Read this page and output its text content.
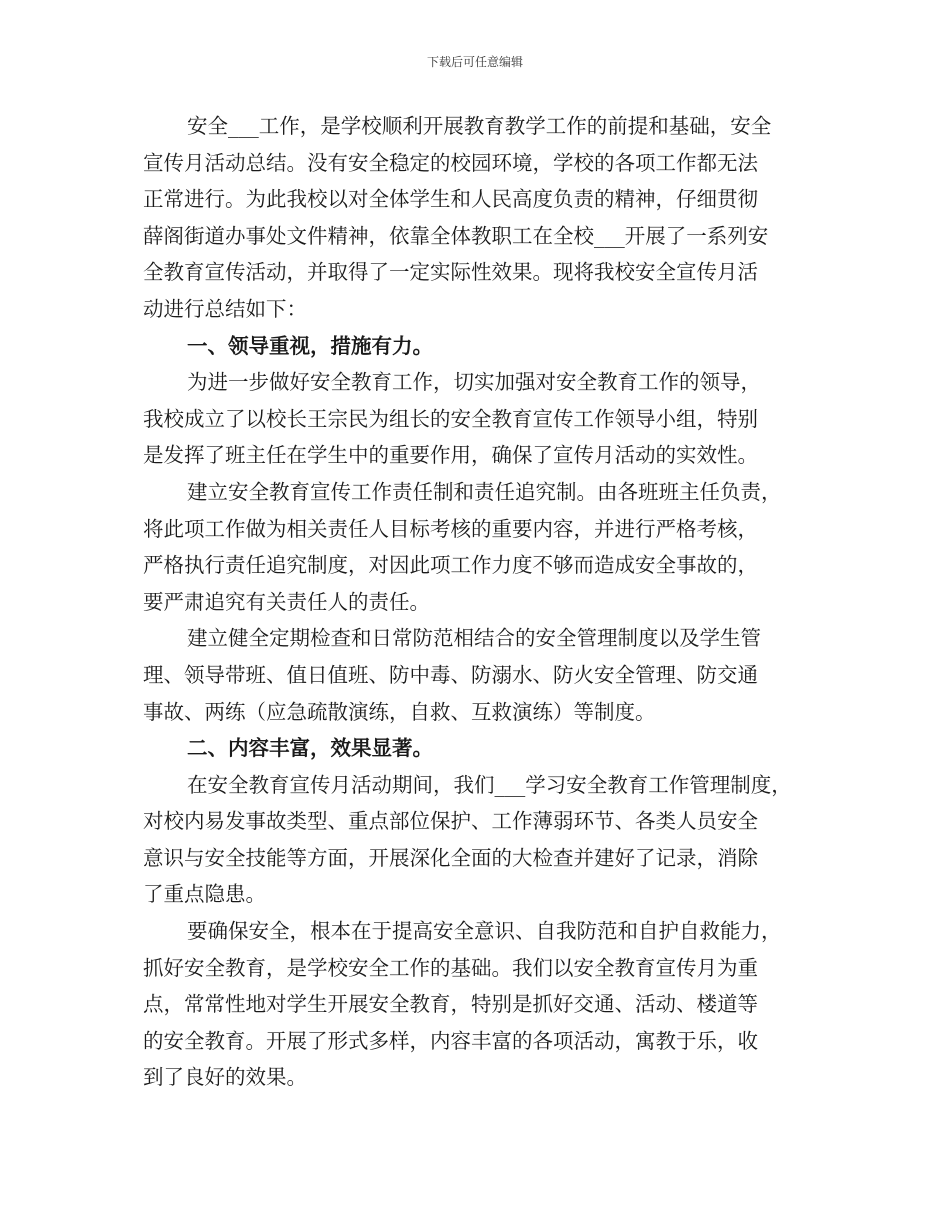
下载后可任意编辑
安全___工作，是学校顺利开展教育教学工作的前提和基础，安全
宣传月活动总结。没有安全稳定的校园环境，学校的各项工作都无法
正常进行。为此我校以对全体学生和人民高度负责的精神，仔细贯彻
薛阁街道办事处文件精神，依靠全体教职工在全校___开展了一系列安
全教育宣传活动，并取得了一定实际性效果。现将我校安全宣传月活
动进行总结如下：
一、领导重视，措施有力。
为进一步做好安全教育工作，切实加强对安全教育工作的领导，
我校成立了以校长王宗民为组长的安全教育宣传工作领导小组，特别
是发挥了班主任在学生中的重要作用，确保了宣传月活动的实效性。
建立安全教育宣传工作责任制和责任追究制。由各班班主任负责，
将此项工作做为相关责任人目标考核的重要内容，并进行严格考核，
严格执行责任追究制度，对因此项工作力度不够而造成安全事故的，
要严肃追究有关责任人的责任。
建立健全定期检查和日常防范相结合的安全管理制度以及学生管
理、领导带班、值日值班、防中毒、防溺水、防火安全管理、防交通
事故、两练（应急疏散演练，自救、互救演练）等制度。
二、内容丰富，效果显著。
在安全教育宣传月活动期间，我们___学习安全教育工作管理制度，
对校内易发事故类型、重点部位保护、工作薄弱环节、各类人员安全
意识与安全技能等方面，开展深化全面的大检查并建好了记录，消除
了重点隐患。
要确保安全，根本在于提高安全意识、自我防范和自护自救能力，
抓好安全教育，是学校安全工作的基础。我们以安全教育宣传月为重
点，常常性地对学生开展安全教育，特别是抓好交通、活动、楼道等
的安全教育。开展了形式多样，内容丰富的各项活动，寓教于乐，收
到了良好的效果。
